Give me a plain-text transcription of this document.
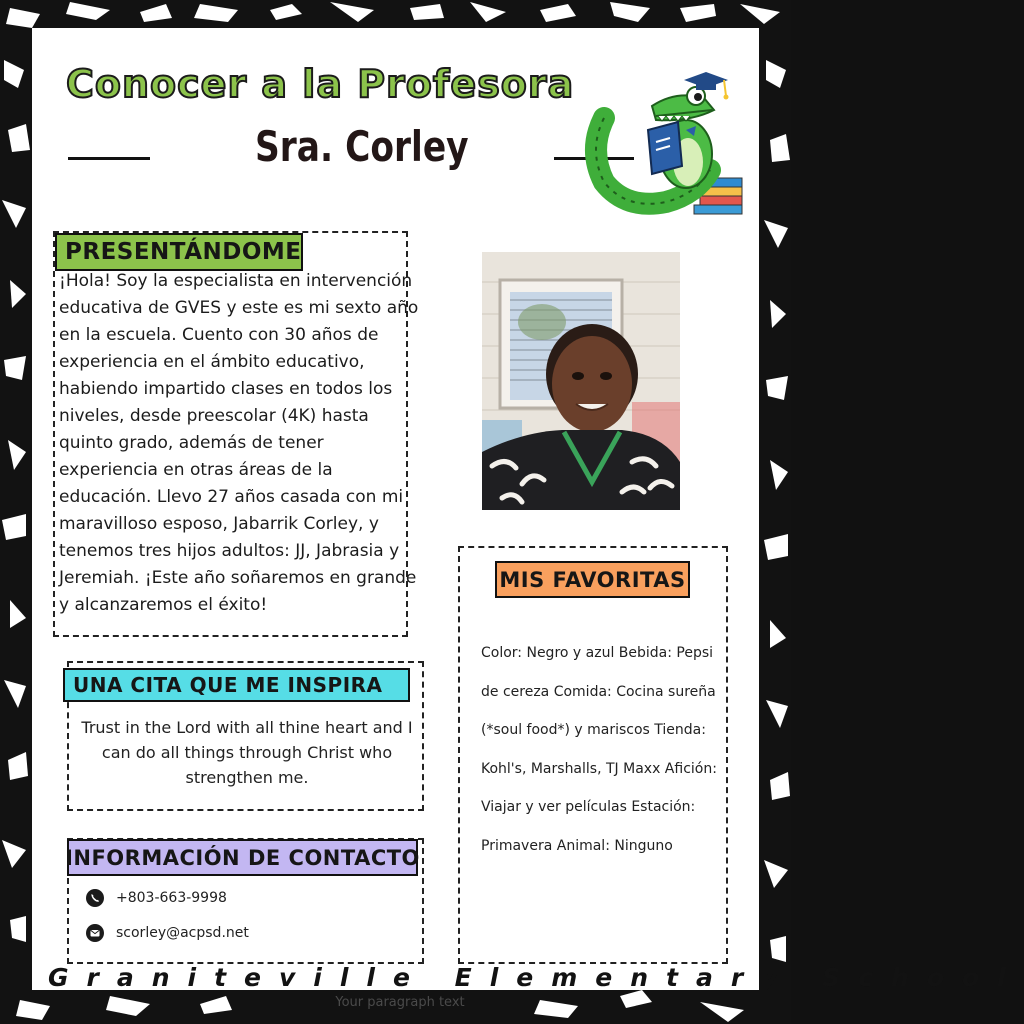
Conocer a la Profesora
Sra. Corley
PRESENTÁNDOME

¡Hola! Soy la especialista en intervención educativa de GVES y este es mi sexto año en la escuela. Cuento con 30 años de experiencia en el ámbito educativo, habiendo impartido clases en todos los niveles, desde preescolar (4K) hasta quinto grado, además de tener experiencia en otras áreas de la educación. Llevo 27 años casada con mi maravilloso esposo, Jabarrik Corley, y tenemos tres hijos adultos: JJ, Jabrasia y Jeremiah. ¡Este año soñaremos en grande y alcanzaremos el éxito!

MIS FAVORITAS

Color: Negro y azul Bebida: Pepsi de cereza Comida: Cocina sureña (*soul food*) y mariscos Tienda: Kohl's, Marshalls, TJ Maxx Afición: Viajar y ver películas Estación: Primavera Animal: Ninguno

UNA CITA QUE ME INSPIRA

Trust in the Lord with all thine heart and I can do all things through Christ who strengthen me.

INFORMACIÓN DE CONTACTO
+803-663-9998
scorley@acpsd.net

Graniteville Elementary School

Your paragraph text
